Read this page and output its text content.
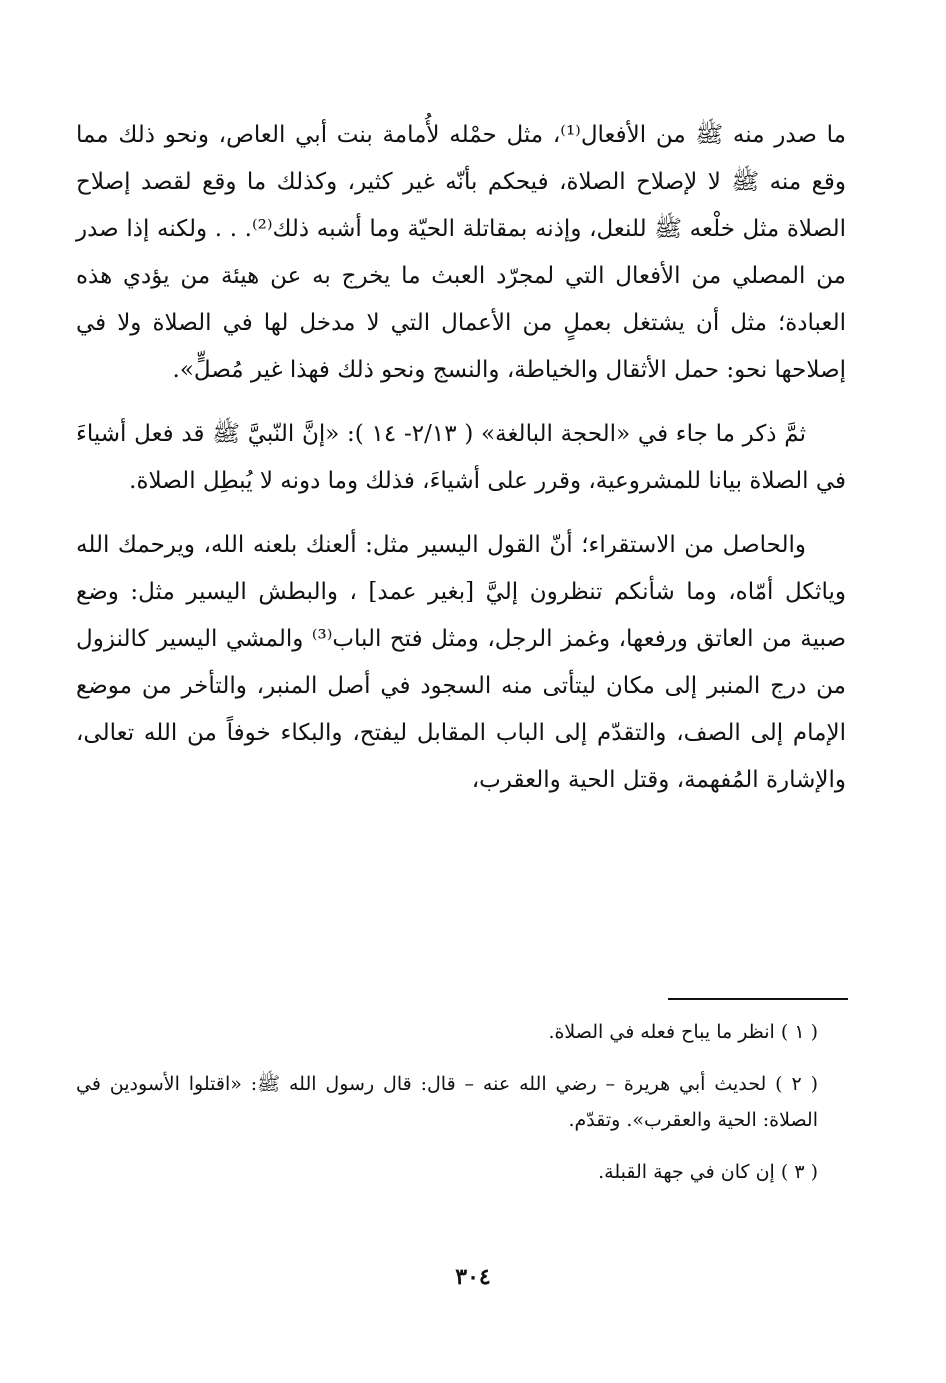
ما صدر منه ﷺ من الأفعال⁽¹⁾، مثل حمْله لأُمامة بنت أبي العاص، ونحو ذلك مما وقع منه ﷺ لا لإصلاح الصلاة، فيحكم بأنّه غير كثير، وكذلك ما وقع لقصد إصلاح الصلاة مثل خلْعه ﷺ للنعل، وإذنه بمقاتلة الحيّة وما أشبه ذلك⁽²⁾. . . ولكنه إذا صدر من المصلي من الأفعال التي لمجرّد العبث ما يخرج به عن هيئة من يؤدي هذه العبادة؛ مثل أن يشتغل بعملٍ من الأعمال التي لا مدخل لها في الصلاة ولا في إصلاحها نحو: حمل الأثقال والخياطة، والنسج ونحو ذلك فهذا غير مُصلٍّ».

ثمَّ ذكر ما جاء في «الحجة البالغة» ( ٢/١٣- ١٤ ): «إنَّ النّبيَّ ﷺ قد فعل أشياءَ في الصلاة بيانا للمشروعية، وقرر على أشياءَ، فذلك وما دونه لا يُبطِل الصلاة.

والحاصل من الاستقراء؛ أنّ القول اليسير مثل: ألعنك بلعنه الله، ويرحمك الله وياثكل أمّاه، وما شأنكم تنظرون إليَّ [بغير عمد] ، والبطش اليسير مثل: وضع صبية من العاتق ورفعها، وغمز الرجل، ومثل فتح الباب⁽³⁾ والمشي اليسير كالنزول من درج المنبر إلى مكان ليتأتى منه السجود في أصل المنبر، والتأخر من موضع الإمام إلى الصف، والتقدّم إلى الباب المقابل ليفتح، والبكاء خوفاً من الله تعالى، والإشارة المُفهمة، وقتل الحية والعقرب،

( ١ ) انظر ما يباح فعله في الصلاة.

( ٢ ) لحديث أبي هريرة – رضي الله عنه – قال: قال رسول الله ﷺ: «اقتلوا الأسودين في الصلاة: الحية والعقرب». وتقدّم.

( ٣ ) إن كان في جهة القبلة.

٣٠٤
